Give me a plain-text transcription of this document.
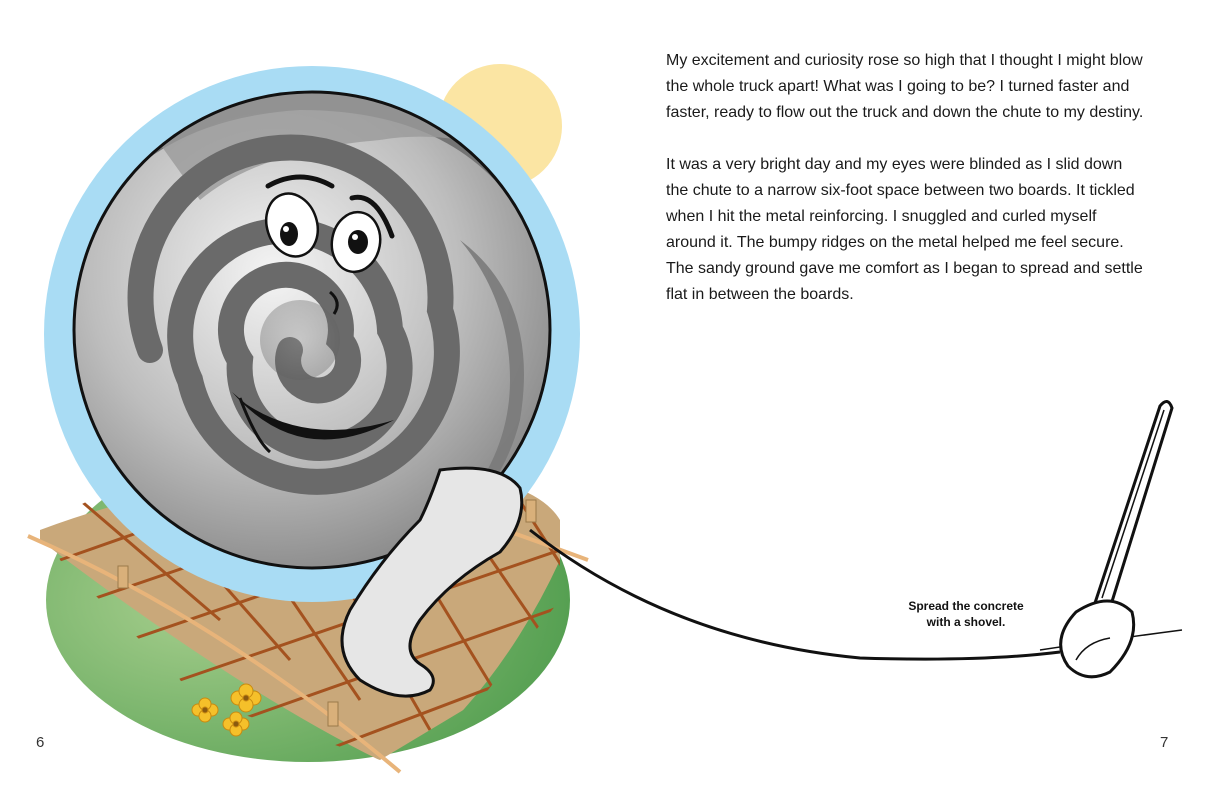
My excitement and curiosity rose so high that I thought I might blow the whole truck apart! What was I going to be? I turned faster and faster, ready to flow out the truck and down the chute to my destiny.

It was a very bright day and my eyes were blinded as I slid down the chute to a narrow six-foot space between two boards. It tickled when I hit the metal reinforcing. I snuggled and curled myself around it. The bumpy ridges on the metal helped me feel secure. The sandy ground gave me comfort as I began to spread and settle flat in between the boards.

Spread the concrete
with a shovel.
6	7
